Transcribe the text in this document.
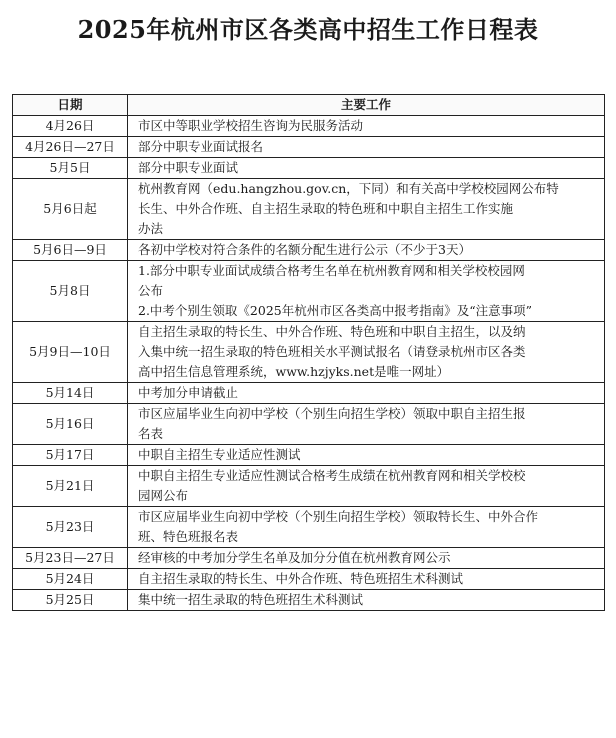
2025年杭州市区各类高中招生工作日程表
日期	主要工作
4月26日	市区中等职业学校招生咨询为民服务活动

4月26日—27日	部分中职专业面试报名

5月5日	部分中职专业面试

5月6日起	杭州教育网（edu.hangzhou.gov.cn，下同）和有关高中学校校园网公布特
长生、中外合作班、自主招生录取的特色班和中职自主招生工作实施
办法

5月6日—9日	各初中学校对符合条件的名额分配生进行公示（不少于3天）

5月8日	1.部分中职专业面试成绩合格考生名单在杭州教育网和相关学校校园网
公布
2.中考个别生领取《2025年杭州市区各类高中报考指南》及“注意事项”

5月9日—10日	自主招生录取的特长生、中外合作班、特色班和中职自主招生，以及纳
入集中统一招生录取的特色班相关水平测试报名（请登录杭州市区各类
高中招生信息管理系统，www.hzjyks.net是唯一网址）

5月14日	中考加分申请截止

5月16日	市区应届毕业生向初中学校（个别生向招生学校）领取中职自主招生报
名表

5月17日	中职自主招生专业适应性测试

5月21日	中职自主招生专业适应性测试合格考生成绩在杭州教育网和相关学校校
园网公布

5月23日	市区应届毕业生向初中学校（个别生向招生学校）领取特长生、中外合作
班、特色班报名表

5月23日—27日	经审核的中考加分学生名单及加分分值在杭州教育网公示

5月24日	自主招生录取的特长生、中外合作班、特色班招生术科测试

5月25日	集中统一招生录取的特色班招生术科测试
